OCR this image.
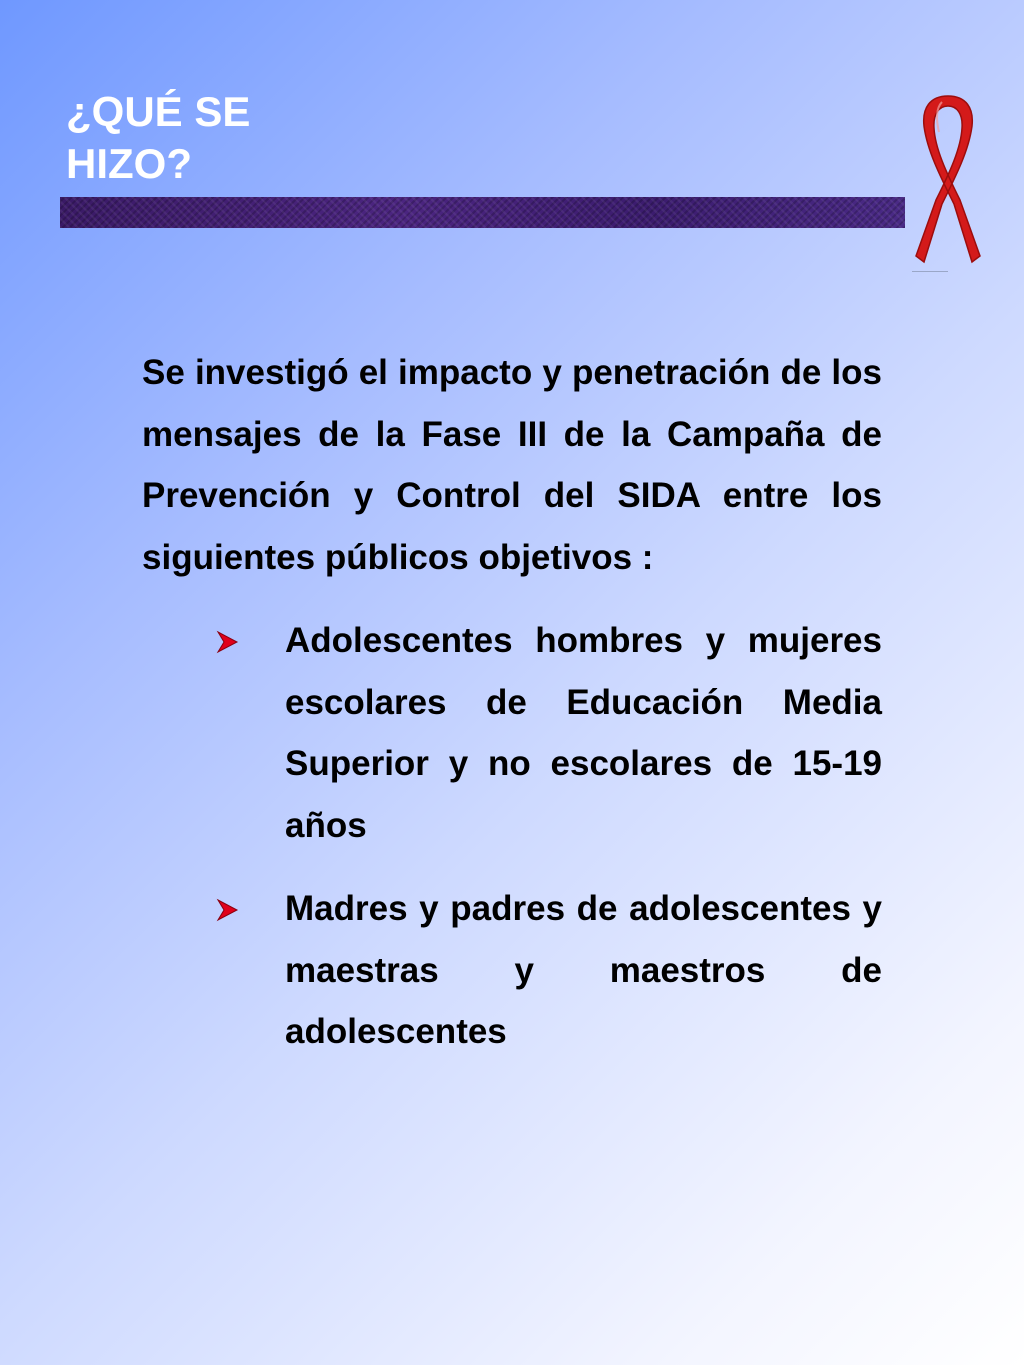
¿QUÉ SE
HIZO?

Se investigó el impacto y penetración de los mensajes de la Fase III de la Campaña de Prevención y Control del SIDA entre los siguientes públicos objetivos :

Adolescentes hombres y mujeres escolares de Educación Media Superior y no escolares de 15-19 años
Madres y padres de adolescentes y maestras y maestros de adolescentes
